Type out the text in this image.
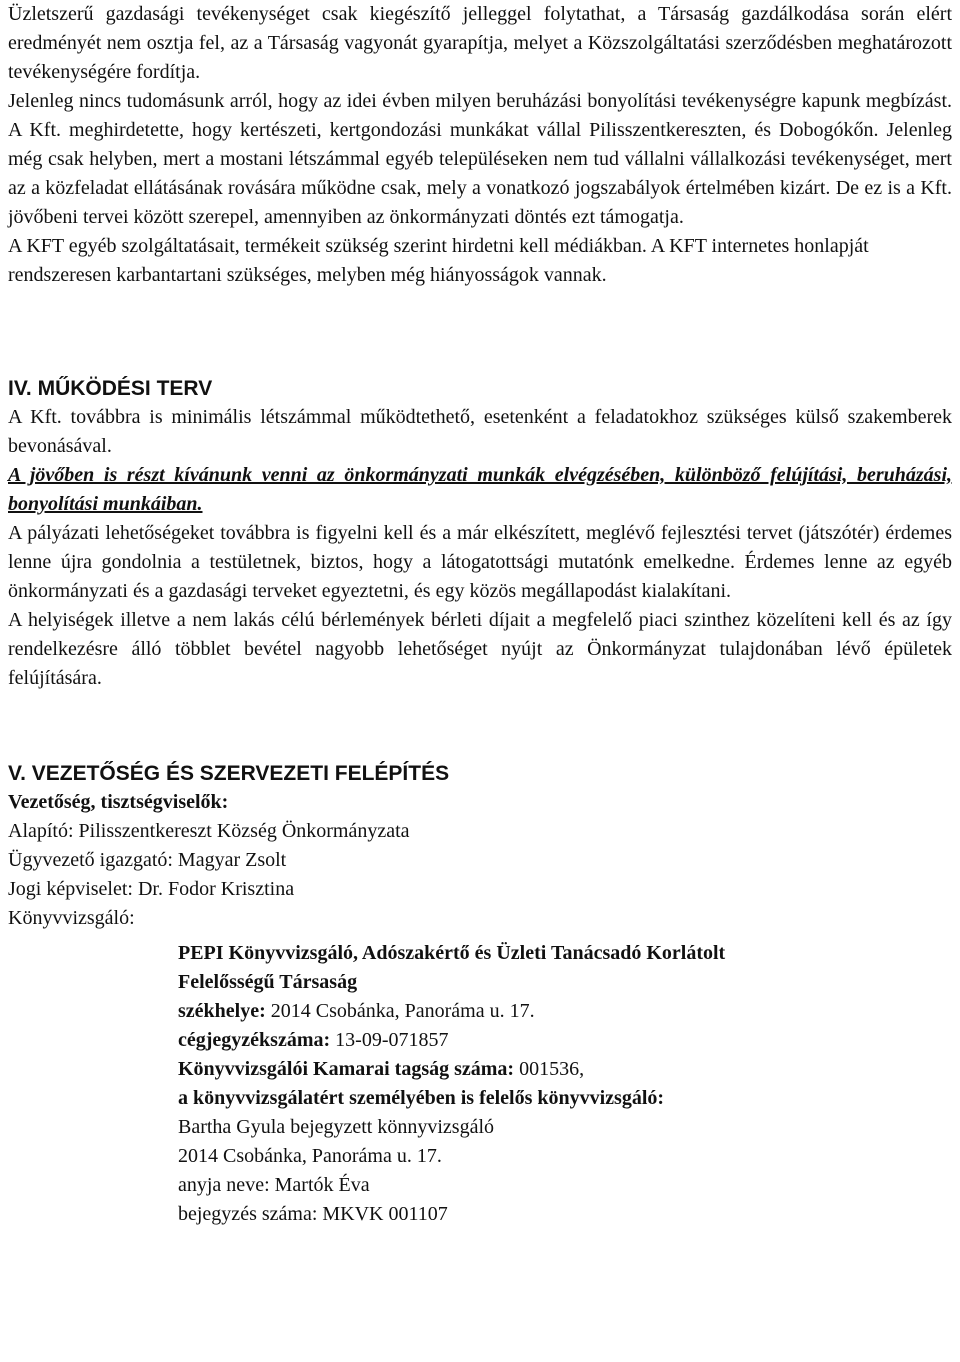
Üzletszerű gazdasági tevékenységet csak kiegészítő jelleggel folytathat, a Társaság gazdálkodása során elért eredményét nem osztja fel, az a Társaság vagyonát gyarapítja, melyet a Közszolgáltatási szerződésben meghatározott tevékenységére fordítja.

Jelenleg nincs tudomásunk arról, hogy az idei évben milyen beruházási bonyolítási tevékenységre kapunk megbízást. A Kft. meghirdetette, hogy kertészeti, kertgondozási munkákat vállal Pilisszentkereszten, és Dobogókőn. Jelenleg még csak helyben, mert a mostani létszámmal egyéb településeken nem tud vállalni vállalkozási tevékenységet, mert az a közfeladat ellátásának rovására működne csak, mely a vonatkozó jogszabályok értelmében kizárt. De ez is a Kft. jövőbeni tervei között szerepel, amennyiben az önkormányzati döntés ezt támogatja.

A KFT egyéb szolgáltatásait, termékeit szükség szerint hirdetni kell médiákban. A KFT internetes honlapját rendszeresen karbantartani szükséges, melyben még hiányosságok vannak.

IV. MŰKÖDÉSI TERV

A Kft. továbbra is minimális létszámmal működtethető, esetenként a feladatokhoz szükséges külső szakemberek bevonásával.

A jövőben is részt kívánunk venni az önkormányzati munkák elvégzésében, különböző felújítási, beruházási, bonyolítási munkáiban.

A pályázati lehetőségeket továbbra is figyelni kell és a már elkészített, meglévő fejlesztési tervet (játszótér) érdemes lenne újra gondolnia a testületnek, biztos, hogy a látogatottsági mutatónk emelkedne. Érdemes lenne az egyéb önkormányzati és a gazdasági terveket egyeztetni, és egy közös megállapodást kialakítani.

A helyiségek illetve a nem lakás célú bérlemények bérleti díjait a megfelelő piaci szinthez közelíteni kell és az így rendelkezésre álló többlet bevétel nagyobb lehetőséget nyújt az Önkormányzat tulajdonában lévő épületek felújítására.

V. VEZETŐSÉG ÉS SZERVEZETI FELÉPÍTÉS

Vezetőség, tisztségviselők:

Alapító: Pilisszentkereszt Község Önkormányzata

Ügyvezető igazgató: Magyar Zsolt

Jogi képviselet: Dr. Fodor Krisztina

Könyvvizsgáló:

PEPI Könyvvizsgáló, Adószakértő és Üzleti Tanácsadó Korlátolt

Felelősségű Társaság

székhelye: 2014 Csobánka, Panoráma u. 17.

cégjegyzékszáma: 13-09-071857

Könyvvizsgálói Kamarai tagság száma: 001536,

a könyvvizsgálatért személyében is felelős könyvvizsgáló:

Bartha Gyula bejegyzett könnyvizsgáló

2014 Csobánka, Panoráma u. 17.

anyja neve: Martók Éva

bejegyzés száma: MKVK 001107
